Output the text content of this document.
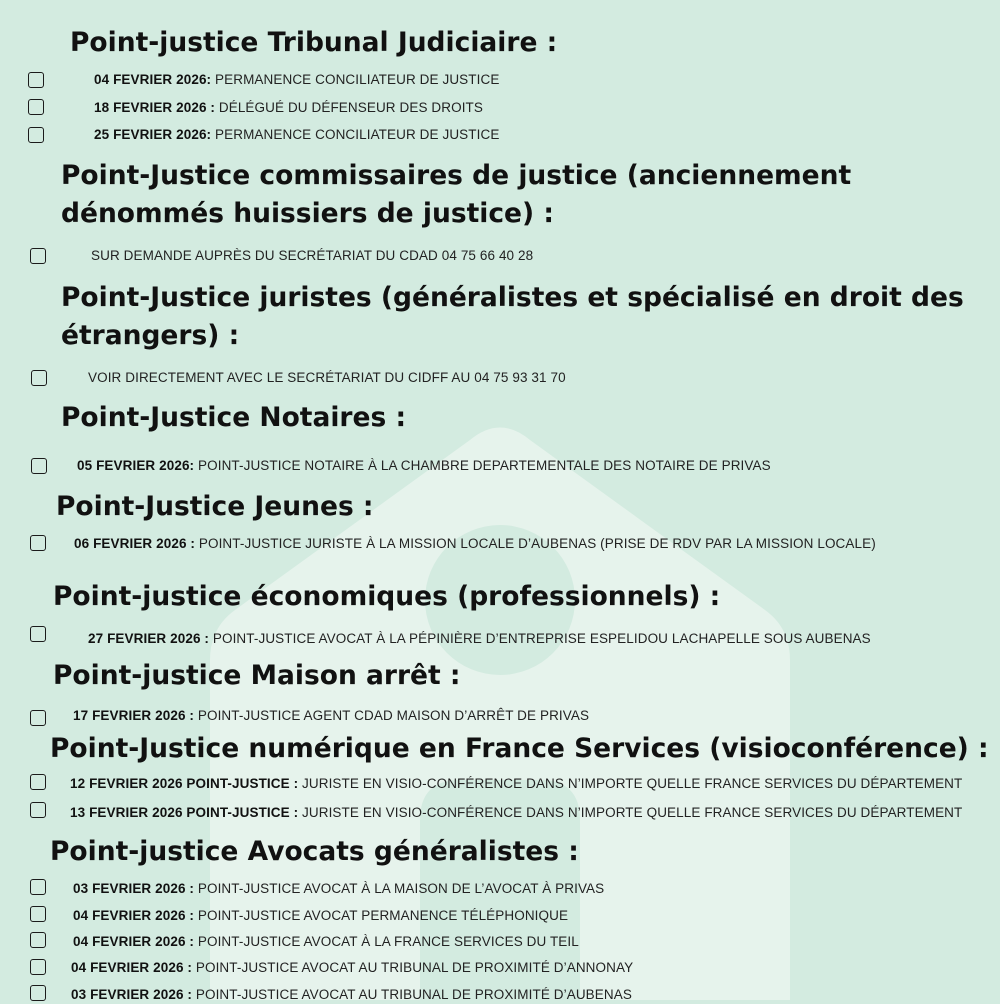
Point-justice Tribunal Judiciaire :
04 FEVRIER 2026: PERMANENCE CONCILIATEUR DE JUSTICE
18 FEVRIER 2026 : DÉLÉGUÉ DU DÉFENSEUR DES DROITS
25 FEVRIER 2026: PERMANENCE CONCILIATEUR DE JUSTICE
Point-Justice commissaires de justice (anciennement dénommés huissiers de justice) :
SUR DEMANDE AUPRÈS DU SECRÉTARIAT DU CDAD 04 75 66 40 28
Point-Justice juristes (généralistes et spécialisé en droit des étrangers) :
VOIR DIRECTEMENT AVEC LE SECRÉTARIAT DU CIDFF AU 04 75 93 31 70
Point-Justice Notaires :
05 FEVRIER 2026: POINT-JUSTICE NOTAIRE À LA CHAMBRE DEPARTEMENTALE DES NOTAIRE DE PRIVAS
Point-Justice Jeunes :
06 FEVRIER 2026 : POINT-JUSTICE JURISTE À LA MISSION LOCALE D’AUBENAS (PRISE DE RDV PAR LA MISSION LOCALE)
Point-justice économiques (professionnels) :
27 FEVRIER 2026 : POINT-JUSTICE AVOCAT À LA PÉPINIÈRE D’ENTREPRISE ESPELIDOU LACHAPELLE SOUS AUBENAS
Point-justice Maison arrêt :
17 FEVRIER 2026 : POINT-JUSTICE AGENT CDAD MAISON D’ARRÊT DE PRIVAS
Point-Justice numérique en France Services (visioconférence) :
12 FEVRIER 2026 POINT-JUSTICE : JURISTE EN VISIO-CONFÉRENCE DANS N’IMPORTE QUELLE FRANCE SERVICES DU DÉPARTEMENT
13 FEVRIER 2026 POINT-JUSTICE : JURISTE EN VISIO-CONFÉRENCE DANS N’IMPORTE QUELLE FRANCE SERVICES DU DÉPARTEMENT
Point-justice Avocats généralistes :
03 FEVRIER 2026 : POINT-JUSTICE AVOCAT À LA MAISON DE L’AVOCAT À PRIVAS
04 FEVRIER 2026 : POINT-JUSTICE AVOCAT PERMANENCE TÉLÉPHONIQUE
04 FEVRIER 2026 : POINT-JUSTICE AVOCAT À LA FRANCE SERVICES DU TEIL
04 FEVRIER 2026 : POINT-JUSTICE AVOCAT AU TRIBUNAL DE PROXIMITÉ D’ANNONAY
03 FEVRIER 2026 : POINT-JUSTICE AVOCAT AU TRIBUNAL DE PROXIMITÉ D’AUBENAS
